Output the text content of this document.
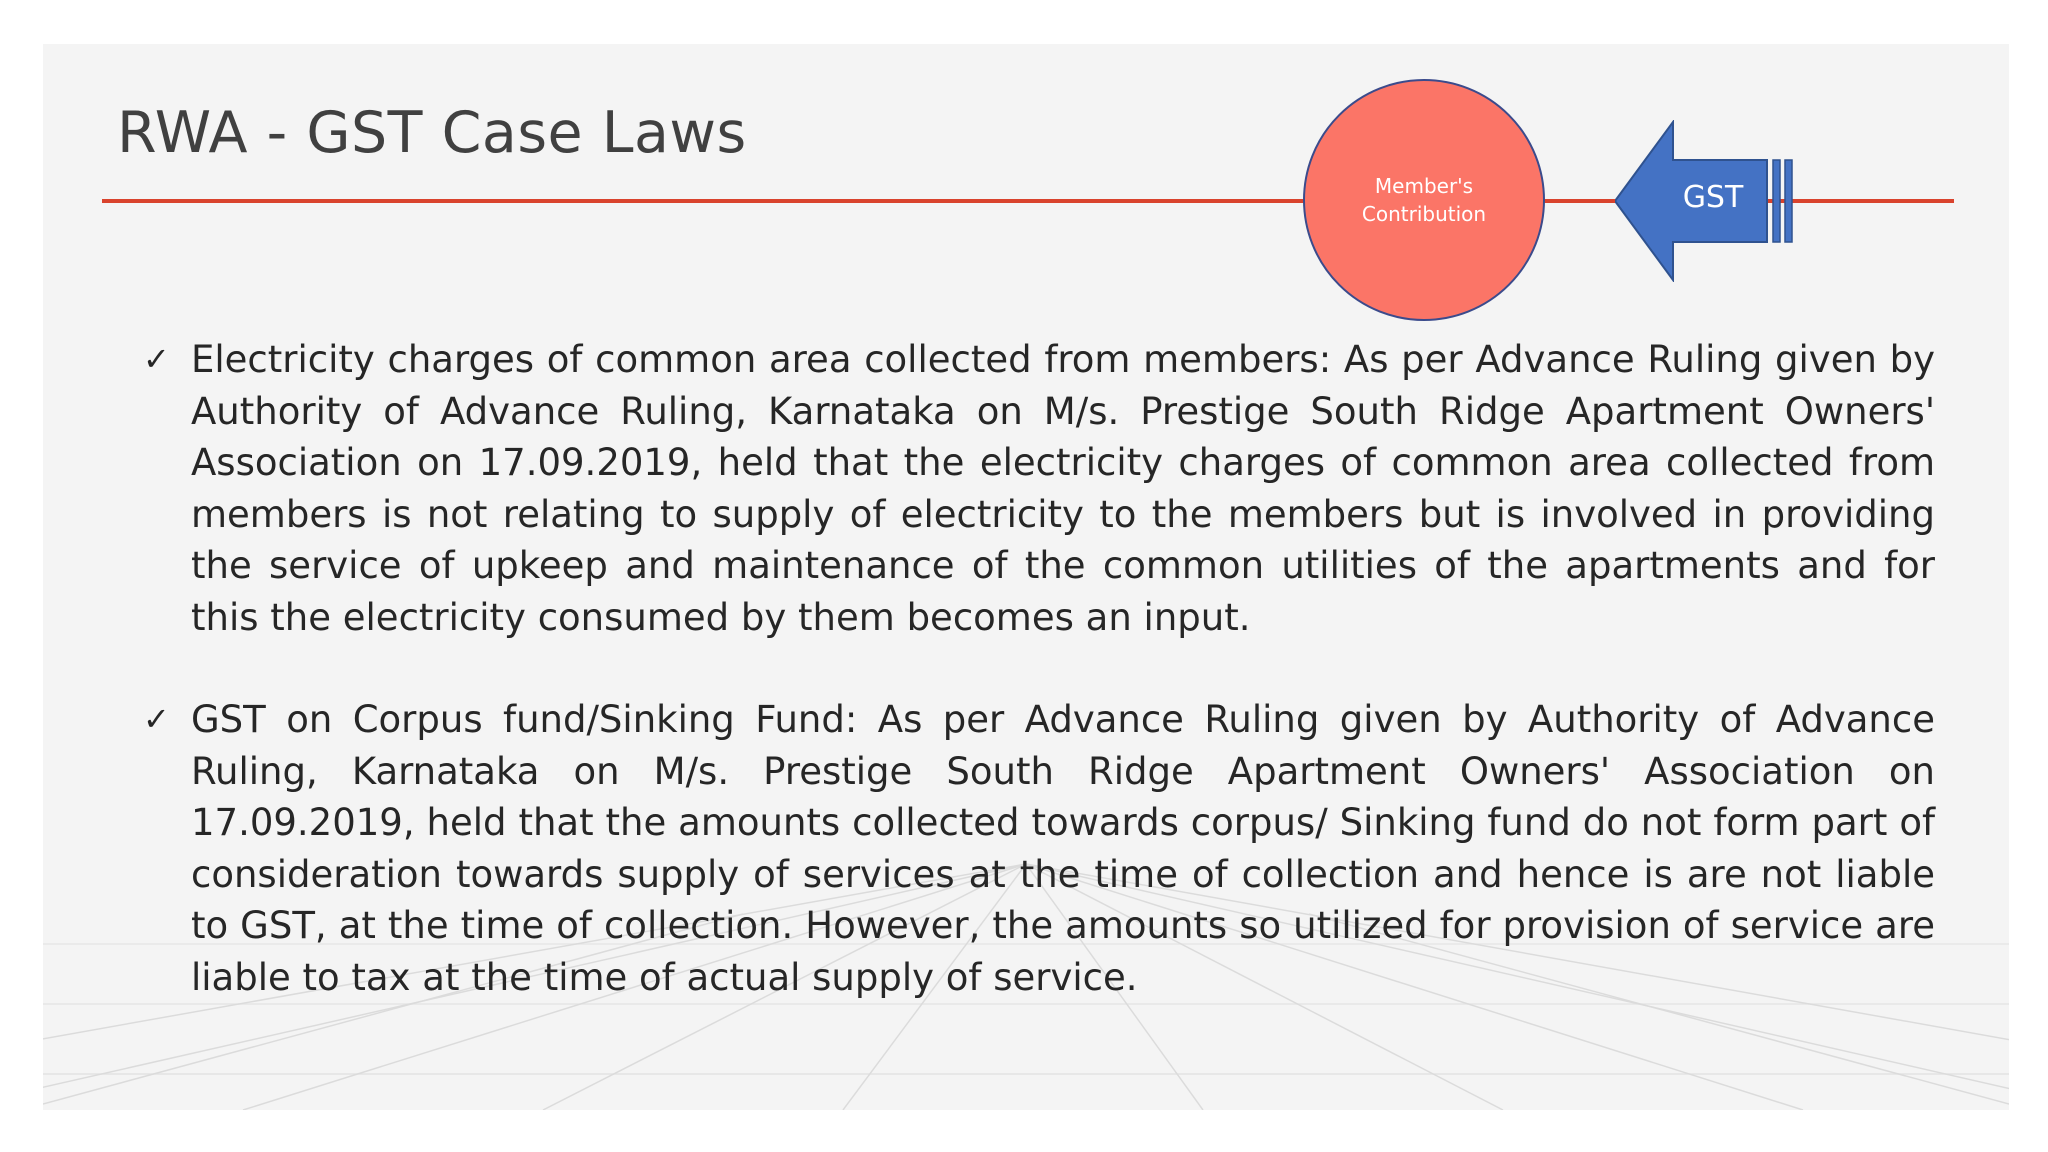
RWA - GST Case Laws
Member's
Contribution	GST
✓ Electricity charges of common area collected from members: As per Advance Ruling given by Authority of Advance Ruling, Karnataka on M/s. Prestige South Ridge Apartment Owners' Association on 17.09.2019, held that the electricity charges of common area collected from members is not relating to supply of electricity to the members but is involved in providing the service of upkeep and maintenance of the common utilities of the apartments and for this the electricity consumed by them becomes an input.
✓ GST on Corpus fund/Sinking Fund: As per Advance Ruling given by Authority of Advance Ruling, Karnataka on M/s. Prestige South Ridge Apartment Owners' Association on 17.09.2019, held that the amounts collected towards corpus/ Sinking fund do not form part of consideration towards supply of services at the time of collection and hence is are not liable to GST, at the time of collection. However, the amounts so utilized for provision of service are liable to tax at the time of actual supply of service.
